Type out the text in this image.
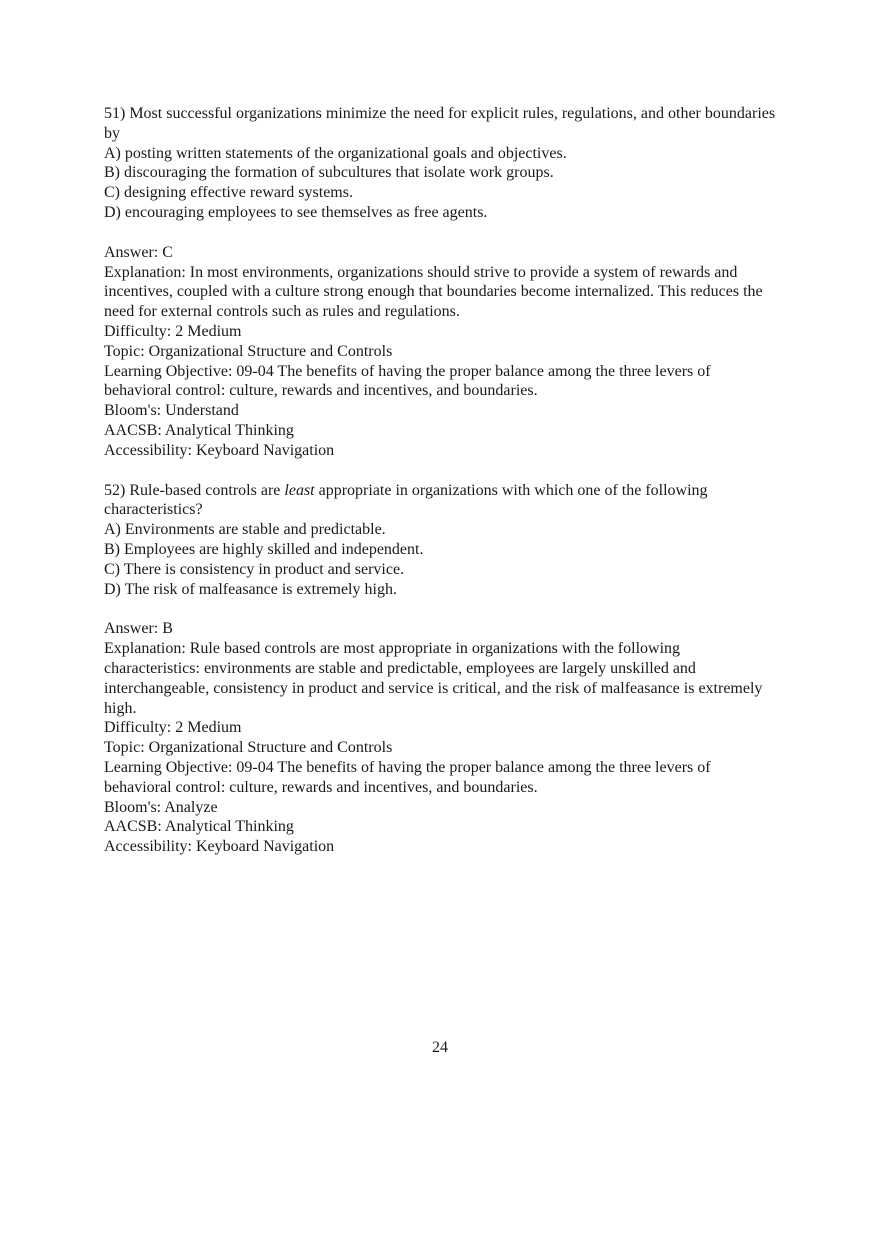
51) Most successful organizations minimize the need for explicit rules, regulations, and other boundaries by

A) posting written statements of the organizational goals and objectives.

B) discouraging the formation of subcultures that isolate work groups.

C) designing effective reward systems.

D) encouraging employees to see themselves as free agents.

Answer: C

Explanation: In most environments, organizations should strive to provide a system of rewards and incentives, coupled with a culture strong enough that boundaries become internalized. This reduces the need for external controls such as rules and regulations.

Difficulty: 2 Medium

Topic: Organizational Structure and Controls

Learning Objective: 09-04 The benefits of having the proper balance among the three levers of behavioral control: culture, rewards and incentives, and boundaries.

Bloom's: Understand

AACSB: Analytical Thinking

Accessibility: Keyboard Navigation

52) Rule-based controls are least appropriate in organizations with which one of the following characteristics?

A) Environments are stable and predictable.

B) Employees are highly skilled and independent.

C) There is consistency in product and service.

D) The risk of malfeasance is extremely high.

Answer: B

Explanation: Rule based controls are most appropriate in organizations with the following characteristics: environments are stable and predictable, employees are largely unskilled and interchangeable, consistency in product and service is critical, and the risk of malfeasance is extremely high.

Difficulty: 2 Medium

Topic: Organizational Structure and Controls

Learning Objective: 09-04 The benefits of having the proper balance among the three levers of behavioral control: culture, rewards and incentives, and boundaries.

Bloom's: Analyze

AACSB: Analytical Thinking

Accessibility: Keyboard Navigation

24
